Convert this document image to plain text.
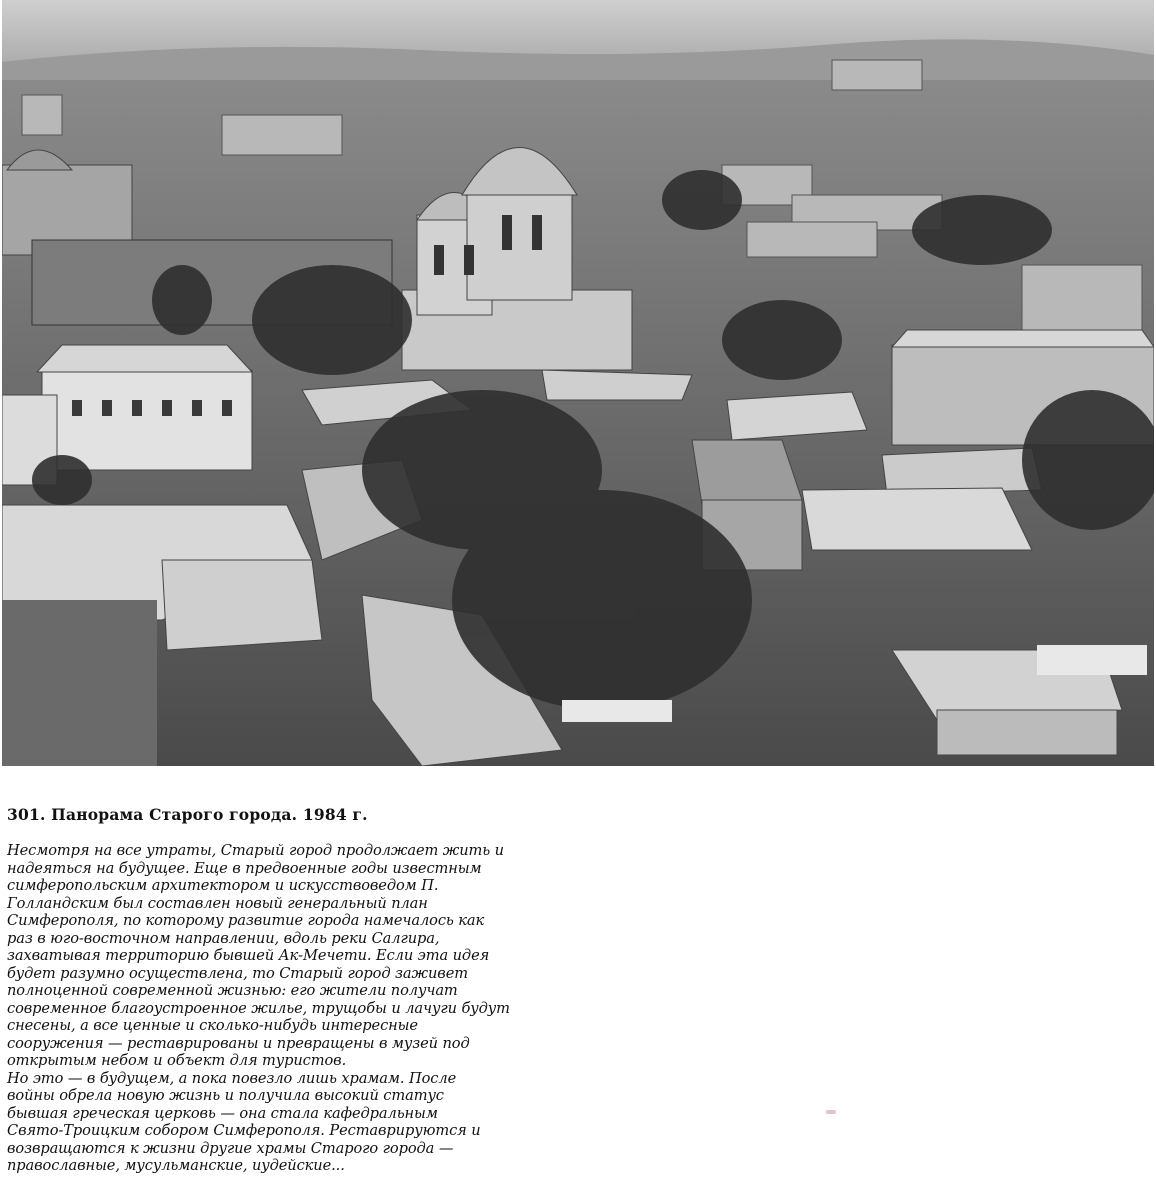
301. Панорама Старого города. 1984 г.
Несмотря на все утраты, Старый город продолжает жить и
надеяться на будущее. Еще в предвоенные годы известным
симферопольским архитектором и искусствоведом П.
Голландским был составлен новый генеральный план
Симферополя, по которому развитие города намечалось как
раз в юго-восточном направлении, вдоль реки Салгира,
захватывая территорию бывшей Ак-Мечети. Если эта идея
будет разумно осуществлена, то Старый город заживет
полноценной современной жизнью: его жители получат
современное благоустроенное жилье, трущобы и лачуги будут
снесены, а все ценные и сколько-нибудь интересные
сооружения — реставрированы и превращены в музей под
открытым небом и объект для туристов.
Но это — в будущем, а пока повезло лишь храмам. После
войны обрела новую жизнь и получила высокий статус
бывшая греческая церковь — она стала кафедральным
Свято-Троицким собором Симферополя. Реставрируются и
возвращаются к жизни другие храмы Старого города —
православные, мусульманские, иудейские...
